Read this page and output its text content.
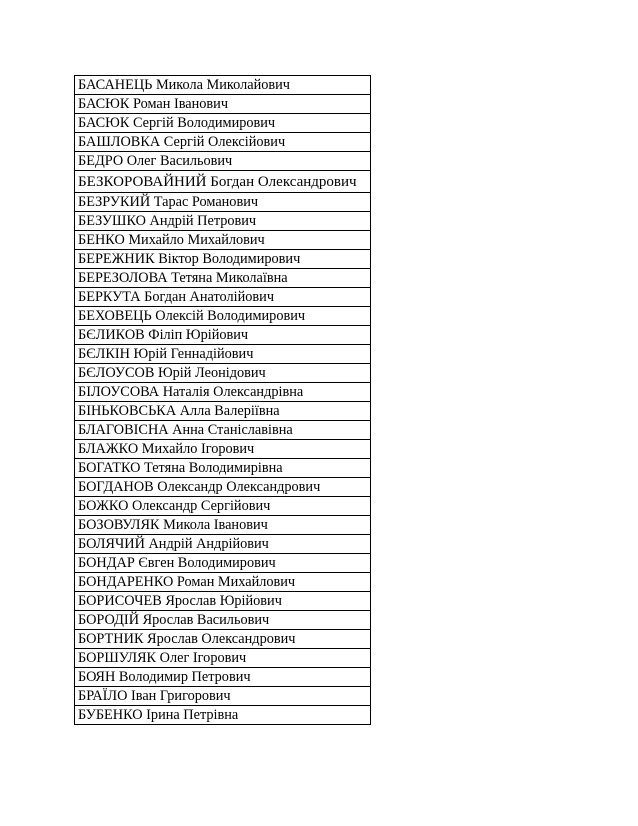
БАСАНЕЦЬ Микола Миколайович
БАСЮК Роман Іванович
БАСЮК Сергій Володимирович
БАШЛОВКА Сергій Олексійович
БЕДРО Олег Васильович
БЕЗКОРОВАЙНИЙ Богдан Олександрович
БЕЗРУКИЙ Тарас Романович
БЕЗУШКО Андрій Петрович
БЕНКО Михайло Михайлович
БЕРЕЖНИК Віктор Володимирович
БЕРЕЗОЛОВА Тетяна Миколаївна
БЕРКУТА Богдан Анатолійович
БЕХОВЕЦЬ Олексій Володимирович
БЄЛИКОВ Філіп Юрійович
БЄЛКІН Юрій Геннадійович
БЄЛОУСОВ Юрій Леонідович
БІЛОУСОВА Наталія Олександрівна
БІНЬКОВСЬКА Алла Валеріївна
БЛАГОВІСНА Анна Станіславівна
БЛАЖКО Михайло Ігорович
БОГАТКО Тетяна Володимирівна
БОГДАНОВ Олександр Олександрович
БОЖКО Олександр Сергійович
БОЗОВУЛЯК Микола Іванович
БОЛЯЧИЙ Андрій Андрійович
БОНДАР Євген Володимирович
БОНДАРЕНКО Роман Михайлович
БОРИСОЧЕВ Ярослав Юрійович
БОРОДІЙ Ярослав Васильович
БОРТНИК Ярослав Олександрович
БОРШУЛЯК Олег Ігорович
БОЯН Володимир Петрович
БРАЇЛО Іван Григорович
БУБЕНКО Ірина Петрівна
